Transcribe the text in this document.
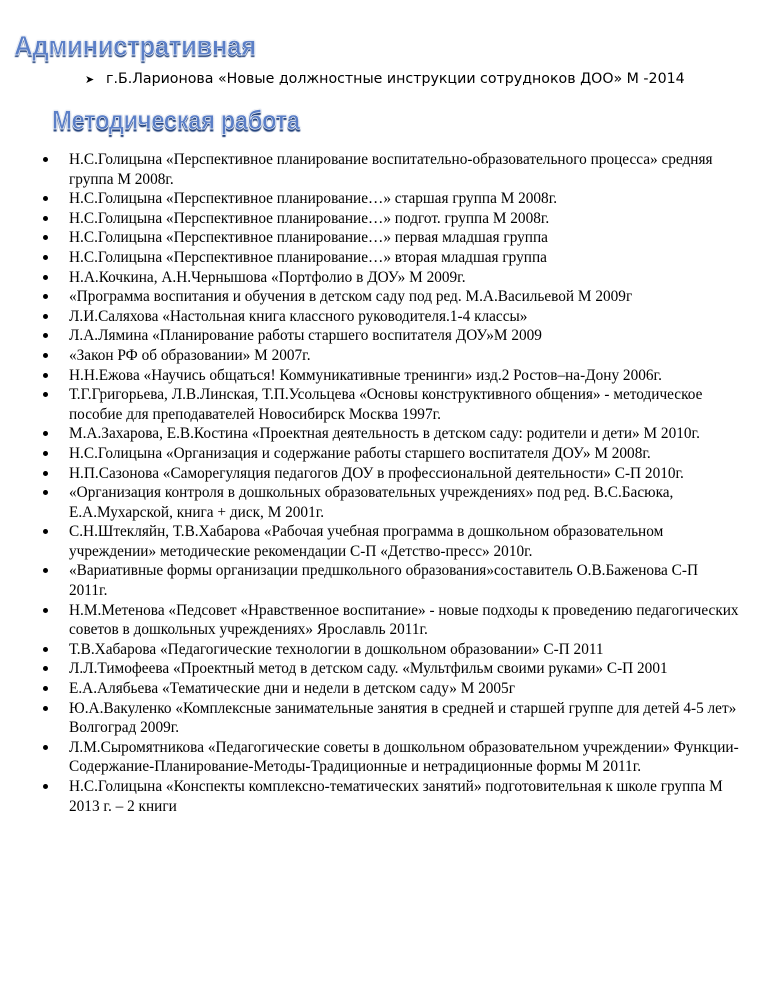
Административная
➤ г.Б.Ларионова «Новые должностные инструкции сотрудноков ДОО» М -2014
Методическая работа
Н.С.Голицына «Перспективное планирование воспитательно-образовательного процесса» средняя группа М 2008г.
Н.С.Голицына «Перспективное планирование…» старшая группа М 2008г.
Н.С.Голицына «Перспективное планирование…» подгот. группа М 2008г.
Н.С.Голицына «Перспективное планирование…» первая младшая группа
Н.С.Голицына «Перспективное планирование…» вторая младшая группа
Н.А.Кочкина, А.Н.Чернышова «Портфолио в ДОУ» М 2009г.
«Программа воспитания и обучения в детском саду под ред. М.А.Васильевой М 2009г
Л.И.Саляхова «Настольная книга классного руководителя.1-4 классы»
Л.А.Лямина «Планирование работы старшего воспитателя ДОУ»М 2009
«Закон РФ об образовании» М 2007г.
Н.Н.Ежова «Научись общаться! Коммуникативные тренинги» изд.2 Ростов–на-Дону 2006г.
Т.Г.Григорьева, Л.В.Линская, Т.П.Усольцева «Основы конструктивного общения» - методическое пособие для преподавателей Новосибирск Москва 1997г.
М.А.Захарова, Е.В.Костина «Проектная деятельность в детском саду: родители и дети» М 2010г.
Н.С.Голицына «Организация и содержание работы старшего воспитателя ДОУ» М 2008г.
Н.П.Сазонова «Саморегуляция педагогов ДОУ в профессиональной деятельности» С-П 2010г.
«Организация контроля в дошкольных образовательных учреждениях» под ред. В.С.Басюка, Е.А.Мухарской, книга + диск, М 2001г.
С.Н.Штекляйн, Т.В.Хабарова «Рабочая учебная программа в дошкольном образовательном учреждении» методические рекомендации С-П «Детство-пресс» 2010г.
«Вариативные формы организации предшкольного образования»составитель О.В.Баженова С-П 2011г.
Н.М.Метенова «Педсовет «Нравственное воспитание» - новые подходы к проведению педагогических советов в дошкольных учреждениях» Ярославль 2011г.
Т.В.Хабарова «Педагогические технологии в дошкольном образовании» С-П 2011
Л.Л.Тимофеева «Проектный метод в детском саду. «Мультфильм своими руками» С-П 2001
Е.А.Алябьева «Тематические дни и недели в детском саду» М 2005г
Ю.А.Вакуленко «Комплексные занимательные занятия в средней и старшей группе для детей 4-5 лет» Волгоград 2009г.
Л.М.Сыромятникова «Педагогические советы в дошкольном образовательном учреждении» Функции-Содержание-Планирование-Методы-Традиционные и нетрадиционные формы М 2011г.
Н.С.Голицына «Конспекты комплексно-тематических занятий» подготовительная к школе группа М 2013 г. – 2 книги
